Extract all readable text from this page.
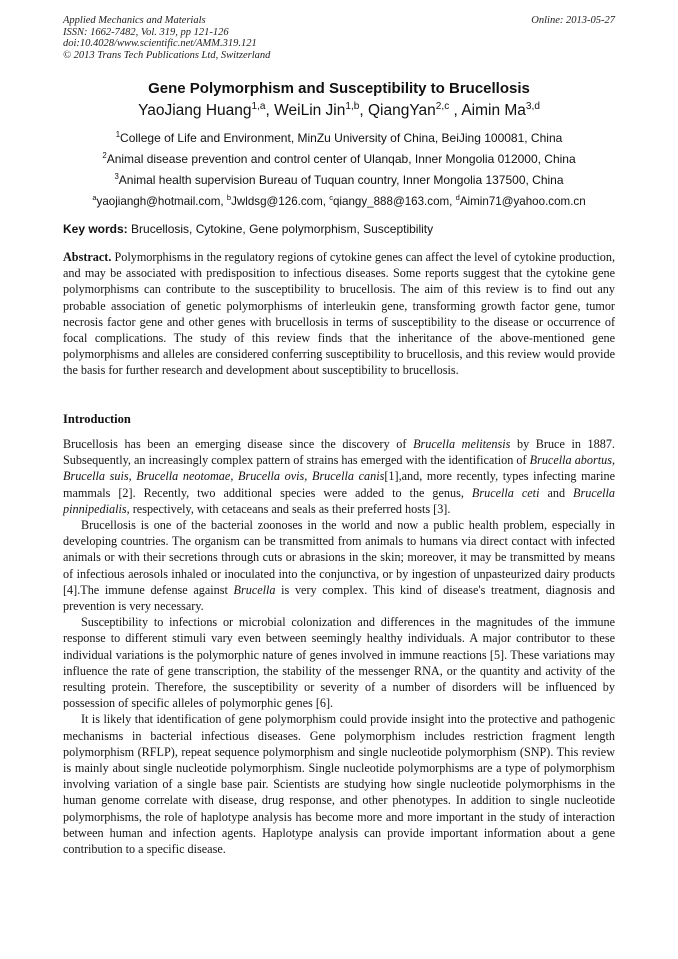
Applied Mechanics and Materials
ISSN: 1662-7482, Vol. 319, pp 121-126
doi:10.4028/www.scientific.net/AMM.319.121
© 2013 Trans Tech Publications Ltd, Switzerland
Online: 2013-05-27
Gene Polymorphism and Susceptibility to Brucellosis
YaoJiang Huang$^{1,a}$, WeiLin Jin$^{1,b}$, QiangYan$^{2,c}$ , Aimin Ma$^{3,d}$
$^1$College of Life and Environment, MinZu University of China, BeiJing 100081, China
$^2$Animal disease prevention and control center of Ulanqab, Inner Mongolia 012000, China
$^3$Animal health supervision Bureau of Tuquan country, Inner Mongolia 137500, China
$^a$yaojiangh@hotmail.com, $^b$Jwldsg@126.com, $^c$qiangy_888@163.com, $^d$Aimin71@yahoo.com.cn
Key words: Brucellosis, Cytokine, Gene polymorphism, Susceptibility
Abstract. Polymorphisms in the regulatory regions of cytokine genes can affect the level of cytokine production, and may be associated with predisposition to infectious diseases. Some reports suggest that the cytokine gene polymorphisms can contribute to the susceptibility to brucellosis. The aim of this review is to find out any probable association of genetic polymorphisms of interleukin gene, transforming growth factor gene, tumor necrosis factor gene and other genes with brucellosis in terms of susceptibility to the disease or occurrence of focal complications. The study of this review finds that the inheritance of the above-mentioned gene polymorphisms and alleles are considered conferring susceptibility to brucellosis, and this review would provide the basis for further research and development about susceptibility to brucellosis.
Introduction

Brucellosis has been an emerging disease since the discovery of Brucella melitensis by Bruce in 1887. Subsequently, an increasingly complex pattern of strains has emerged with the identification of Brucella abortus, Brucella suis, Brucella neotomae, Brucella ovis, Brucella canis[1],and, more recently, types infecting marine mammals [2]. Recently, two additional species were added to the genus, Brucella ceti and Brucella pinnipedialis, respectively, with cetaceans and seals as their preferred hosts [3].

Brucellosis is one of the bacterial zoonoses in the world and now a public health problem, especially in developing countries. The organism can be transmitted from animals to humans via direct contact with infected animals or with their secretions through cuts or abrasions in the skin; moreover, it may be transmitted by means of infectious aerosols inhaled or inoculated into the conjunctiva, or by ingestion of unpasteurized dairy products [4].The immune defense against Brucella is very complex. This kind of disease's treatment, diagnosis and prevention is very necessary.

Susceptibility to infections or microbial colonization and differences in the magnitudes of the immune response to different stimuli vary even between seemingly healthy individuals. A major contributor to these individual variations is the polymorphic nature of genes involved in immune reactions [5]. These variations may influence the rate of gene transcription, the stability of the messenger RNA, or the quantity and activity of the resulting protein. Therefore, the susceptibility or severity of a number of disorders will be influenced by possession of specific alleles of polymorphic genes [6].

It is likely that identification of gene polymorphism could provide insight into the protective and pathogenic mechanisms in bacterial infectious diseases. Gene polymorphism includes restriction fragment length polymorphism (RFLP), repeat sequence polymorphism and single nucleotide polymorphism (SNP). This review is mainly about single nucleotide polymorphism. Single nucleotide polymorphisms are a type of polymorphism involving variation of a single base pair. Scientists are studying how single nucleotide polymorphisms in the human genome correlate with disease, drug response, and other phenotypes. In addition to single nucleotide polymorphisms, the role of haplotype analysis has become more and more important in the study of interaction between human and infection agents. Haplotype analysis can provide important information about a gene contribution to a specific disease.
